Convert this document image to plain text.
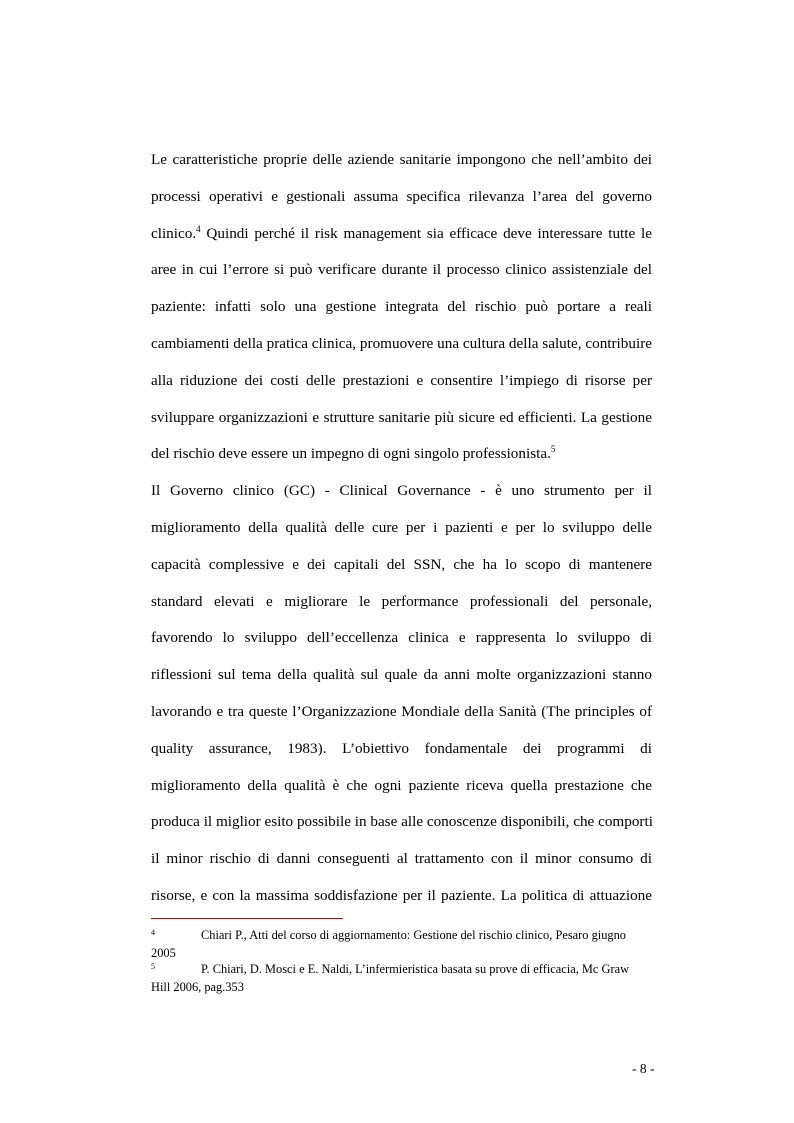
Le caratteristiche proprie delle aziende sanitarie impongono che nell’ambito dei
processi operativi e gestionali assuma specifica rilevanza l’area del governo
clinico.$^4$ Quindi perché il risk management sia efficace deve interessare tutte le
aree in cui l’errore si può verificare durante il processo clinico assistenziale del
paziente: infatti solo una gestione integrata del rischio può portare a reali
cambiamenti della pratica clinica, promuovere una cultura della salute, contribuire
alla riduzione dei costi delle prestazioni e consentire l’impiego di risorse per
sviluppare organizzazioni e strutture sanitarie più sicure ed efficienti. La gestione
del rischio deve essere un impegno di ogni singolo professionista.$^5$
Il Governo clinico (GC) - Clinical Governance - è uno strumento per il
miglioramento della qualità delle cure per i pazienti e per lo sviluppo delle
capacità complessive e dei capitali del SSN, che ha lo scopo di mantenere
standard elevati e migliorare le performance professionali del personale,
favorendo lo sviluppo dell’eccellenza clinica e rappresenta lo sviluppo di
riflessioni sul tema della qualità sul quale da anni molte organizzazioni stanno
lavorando e tra queste l’Organizzazione Mondiale della Sanità (The principles of
quality assurance, 1983). L’obiettivo fondamentale dei programmi di
miglioramento della qualità è che ogni paziente riceva quella prestazione che
produca il miglior esito possibile in base alle conoscenze disponibili, che comporti
il minor rischio di danni conseguenti al trattamento con il minor consumo di
risorse, e con la massima soddisfazione per il paziente. La politica di attuazione
4	Chiari P., Atti del corso di aggiornamento: Gestione del rischio clinico, Pesaro giugno
2005
5	P. Chiari, D. Mosci e E. Naldi, L’infermieristica basata su prove di efficacia, Mc Graw
Hill 2006, pag.353
- 8 -
